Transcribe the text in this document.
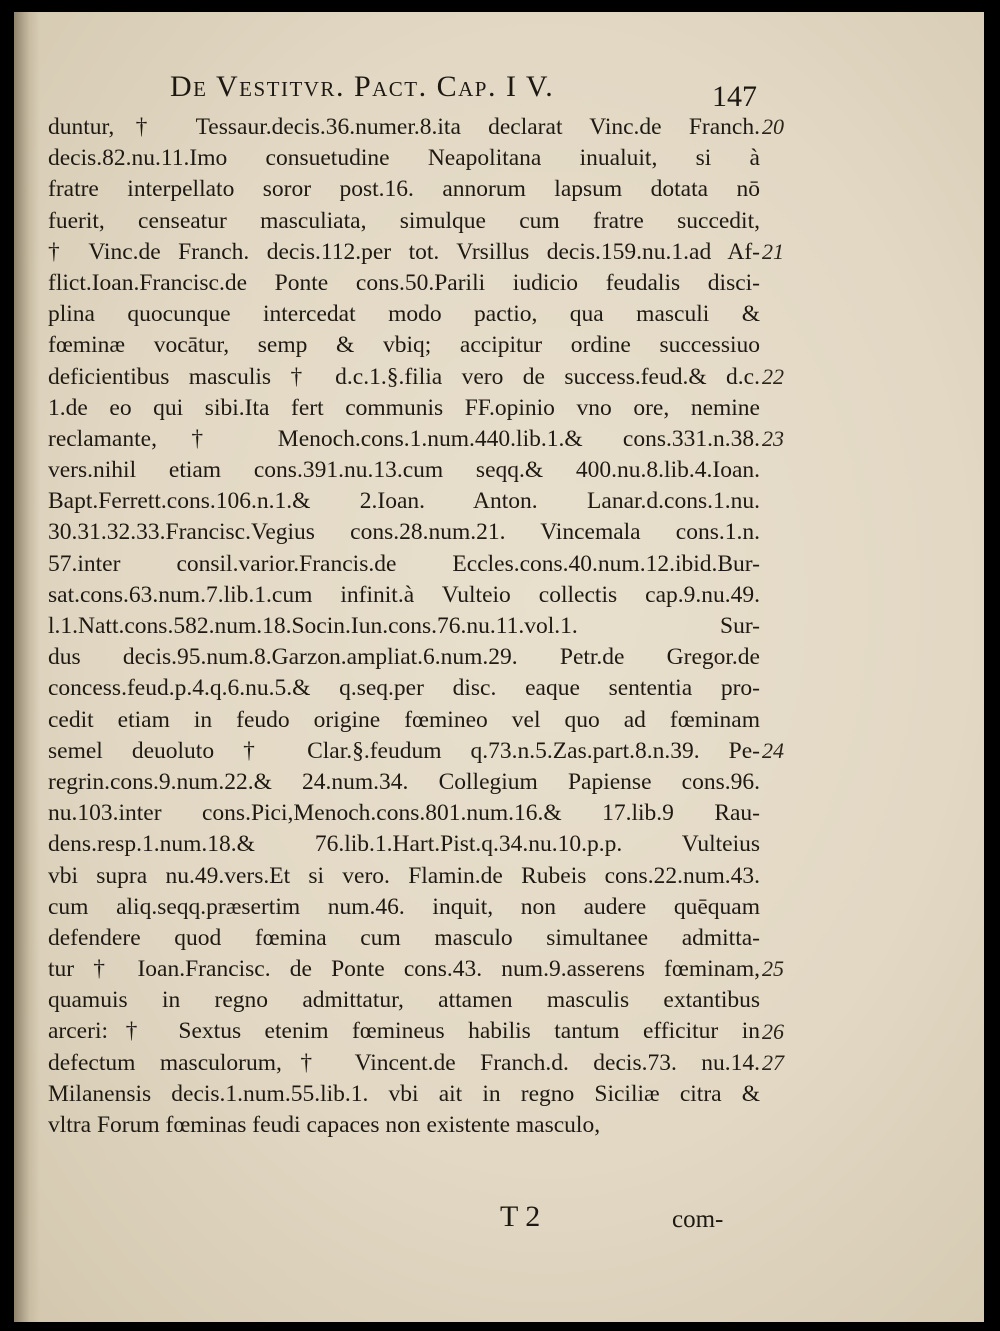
De Vestitvr. Pact. Cap. I V.	147
duntur,† Tessaur.decis.36.numer.8.ita declarat Vinc.de Franch.
decis.82.nu.11.Imo consuetudine Neapolitana inualuit, si à
fratre interpellato soror post.16. annorum lapsum dotata nō
fuerit, censeatur masculiata, simulque cum fratre succedit,
† Vinc.de Franch. decis.112.per tot. Vrsillus decis.159.nu.1.ad Af-
flict.Ioan.Francisc.de Ponte cons.50.Parili iudicio feudalis disci-
plina quocunque intercedat modo pactio, qua masculi &
fœminæ vocātur, semp & vbiq; accipitur ordine successiuo
deficientibus masculis † d.c.1.§.filia vero de success.feud.& d.c.
1.de eo qui sibi.Ita fert communis FF.opinio vno ore, nemine
reclamante,† Menoch.cons.1.num.440.lib.1.& cons.331.n.38.
vers.nihil etiam cons.391.nu.13.cum seqq.& 400.nu.8.lib.4.Ioan.
Bapt.Ferrett.cons.106.n.1.& 2.Ioan. Anton. Lanar.d.cons.1.nu.
30.31.32.33.Francisc.Vegius cons.28.num.21. Vincemala cons.1.n.
57.inter consil.varior.Francis.de Eccles.cons.40.num.12.ibid.Bur-
sat.cons.63.num.7.lib.1.cum infinit.à Vulteio collectis cap.9.nu.49.
l.1.Natt.cons.582.num.18.Socin.Iun.cons.76.nu.11.vol.1. Sur-
dus decis.95.num.8.Garzon.ampliat.6.num.29. Petr.de Gregor.de
concess.feud.p.4.q.6.nu.5.& q.seq.per disc. eaque sententia pro-
cedit etiam in feudo origine fœmineo vel quo ad fœminam
semel deuoluto † Clar.§.feudum q.73.n.5.Zas.part.8.n.39. Pe-
regrin.cons.9.num.22.& 24.num.34. Collegium Papiense cons.96.
nu.103.inter cons.Pici,Menoch.cons.801.num.16.& 17.lib.9 Rau-
dens.resp.1.num.18.& 76.lib.1.Hart.Pist.q.34.nu.10.p.p. Vulteius
vbi supra nu.49.vers.Et si vero. Flamin.de Rubeis cons.22.num.43.
cum aliq.seqq.præsertim num.46. inquit, non audere quēquam
defendere quod fœmina cum masculo simultanee admitta-
tur † Ioan.Francisc. de Ponte cons.43. num.9.asserens fœminam,
quamuis in regno admittatur, attamen masculis extantibus
arceri:† Sextus etenim fœmineus habilis tantum efficitur in
defectum masculorum,† Vincent.de Franch.d. decis.73. nu.14.
Milanensis decis.1.num.55.lib.1. vbi ait in regno Siciliæ citra &
vltra Forum fœminas feudi capaces non existente masculo,
20
21
22
23
24
25
26
27
T 2	com-
